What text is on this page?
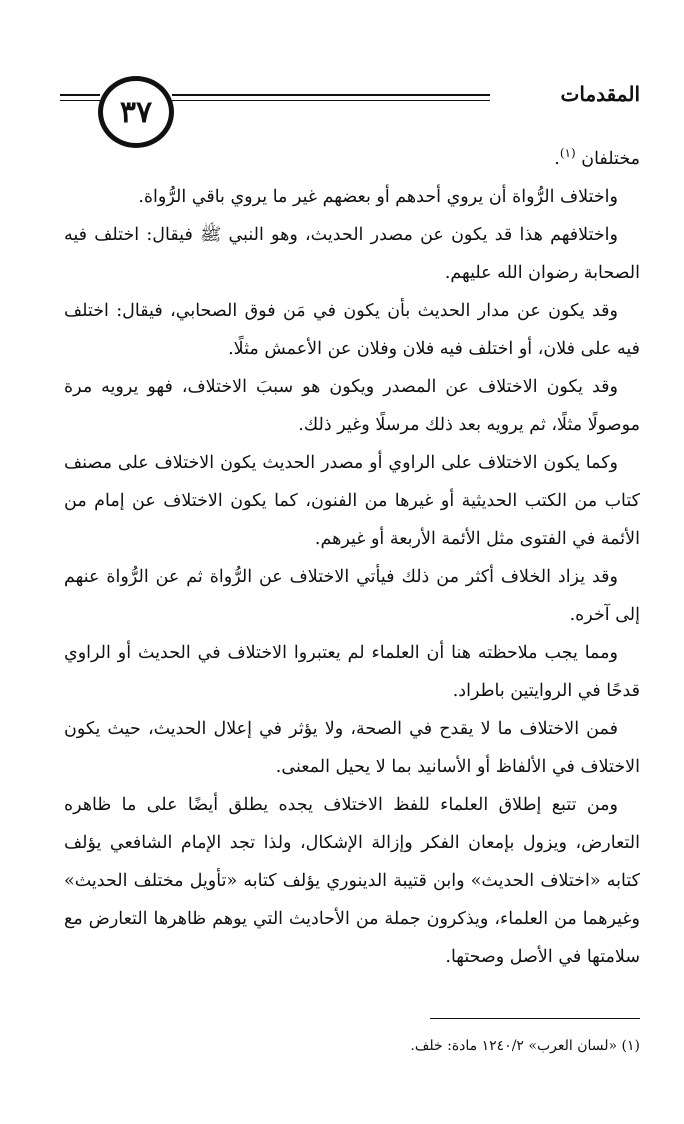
٣٧
المقدمات

مختلفان $^{(١)}$.

واختلاف الرُّواة أن يروي أحدهم أو بعضهم غير ما يروي باقي الرُّواة.

واختلافهم هذا قد يكون عن مصدر الحديث، وهو النبي ﷺ فيقال: اختلف فيه الصحابة رضوان الله عليهم.

وقد يكون عن مدار الحديث بأن يكون في مَن فوق الصحابي، فيقال: اختلف فيه على فلان، أو اختلف فيه فلان وفلان عن الأعمش مثلًا.

وقد يكون الاختلاف عن المصدر ويكون هو سببَ الاختلاف، فهو يرويه مرة موصولًا مثلًا، ثم يرويه بعد ذلك مرسلًا وغير ذلك.

وكما يكون الاختلاف على الراوي أو مصدر الحديث يكون الاختلاف على مصنف كتاب من الكتب الحديثية أو غيرها من الفنون، كما يكون الاختلاف عن إمام من الأئمة في الفتوى مثل الأئمة الأربعة أو غيرهم.

وقد يزاد الخلاف أكثر من ذلك فيأتي الاختلاف عن الرُّواة ثم عن الرُّواة عنهم إلى آخره.

ومما يجب ملاحظته هنا أن العلماء لم يعتبروا الاختلاف في الحديث أو الراوي قدحًا في الروايتين باطراد.

فمن الاختلاف ما لا يقدح في الصحة، ولا يؤثر في إعلال الحديث، حيث يكون الاختلاف في الألفاظ أو الأسانيد بما لا يحيل المعنى.

ومن تتبع إطلاق العلماء للفظ الاختلاف يجده يطلق أيضًا على ما ظاهره التعارض، ويزول بإمعان الفكر وإزالة الإشكال، ولذا تجد الإمام الشافعي يؤلف كتابه «اختلاف الحديث» وابن قتيبة الدينوري يؤلف كتابه «تأويل مختلف الحديث» وغيرهما من العلماء، ويذكرون جملة من الأحاديث التي يوهم ظاهرها التعارض مع سلامتها في الأصل وصحتها.

(١) «لسان العرب» ١٢٤٠/٢ مادة: خلف.
